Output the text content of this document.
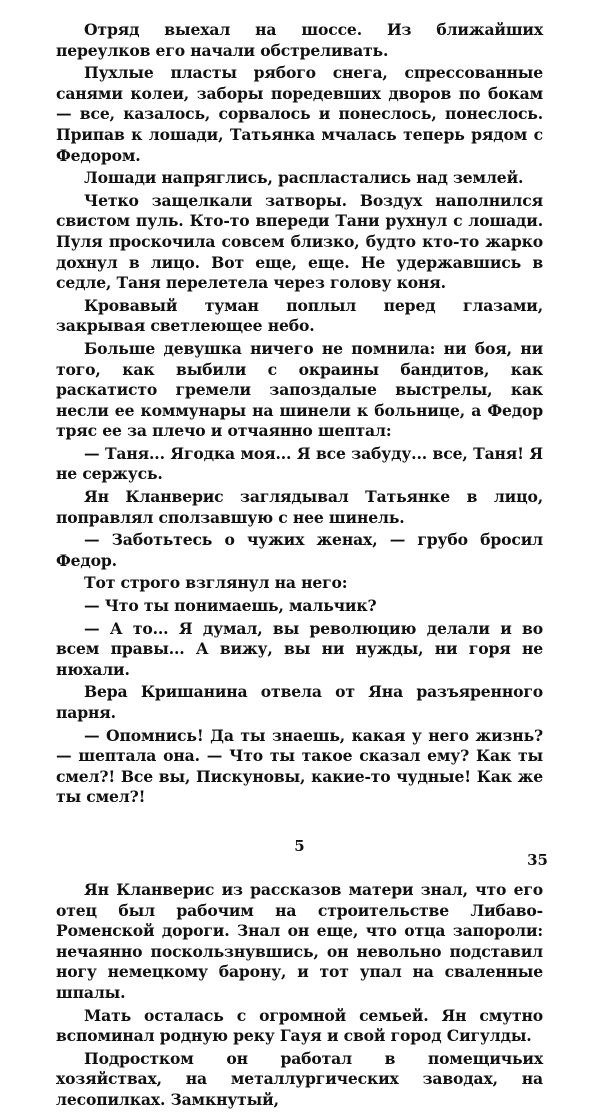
Отряд выехал на шоссе. Из ближайших переулков его начали обстреливать.

Пухлые пласты рябого снега, спрессованные санями колеи, заборы поредевших дворов по бокам — все, казалось, сорвалось и понеслось, понеслось. Припав к лошади, Татьянка мчалась теперь рядом с Федором.

Лошади напряглись, распластались над землей.

Четко защелкали затворы. Воздух наполнился свистом пуль. Кто-то впереди Тани рухнул с лошади. Пуля проскочила совсем близко, будто кто-то жарко дохнул в лицо. Вот еще, еще. Не удержавшись в седле, Таня перелетела через голову коня.

Кровавый туман поплыл перед глазами, закрывая светлеющее небо.

Больше девушка ничего не помнила: ни боя, ни того, как выбили с окраины бандитов, как раскатисто гремели запоздалые выстрелы, как несли ее коммунары на шинели к больнице, а Федор тряс ее за плечо и отчаянно шептал:

— Таня... Ягодка моя... Я все забуду... все, Таня! Я не сержусь.

Ян Кланверис заглядывал Татьянке в лицо, поправлял сползавшую с нее шинель.

— Заботьтесь о чужих женах, — грубо бросил Федор.

Тот строго взглянул на него:

— Что ты понимаешь, мальчик?

— А то... Я думал, вы революцию делали и во всем правы... А вижу, вы ни нужды, ни горя не нюхали.

Вера Кришанина отвела от Яна разъяренного парня.

— Опомнись! Да ты знаешь, какая у него жизнь? — шептала она. — Что ты такое сказал ему? Как ты смел?! Все вы, Пискуновы, какие-то чудные! Как же ты смел?!

5

Ян Кланверис из рассказов матери знал, что его отец был рабочим на строительстве Либаво-Роменской дороги. Знал он еще, что отца запороли: нечаянно поскользнувшись, он невольно подставил ногу немецкому барону, и тот упал на сваленные шпалы.

Мать осталась с огромной семьей. Ян смутно вспоминал родную реку Гауя и свой город Сигулды.

Подростком он работал в помещичьих хозяйствах, на металлургических заводах, на лесопилках. Замкнутый,

35
